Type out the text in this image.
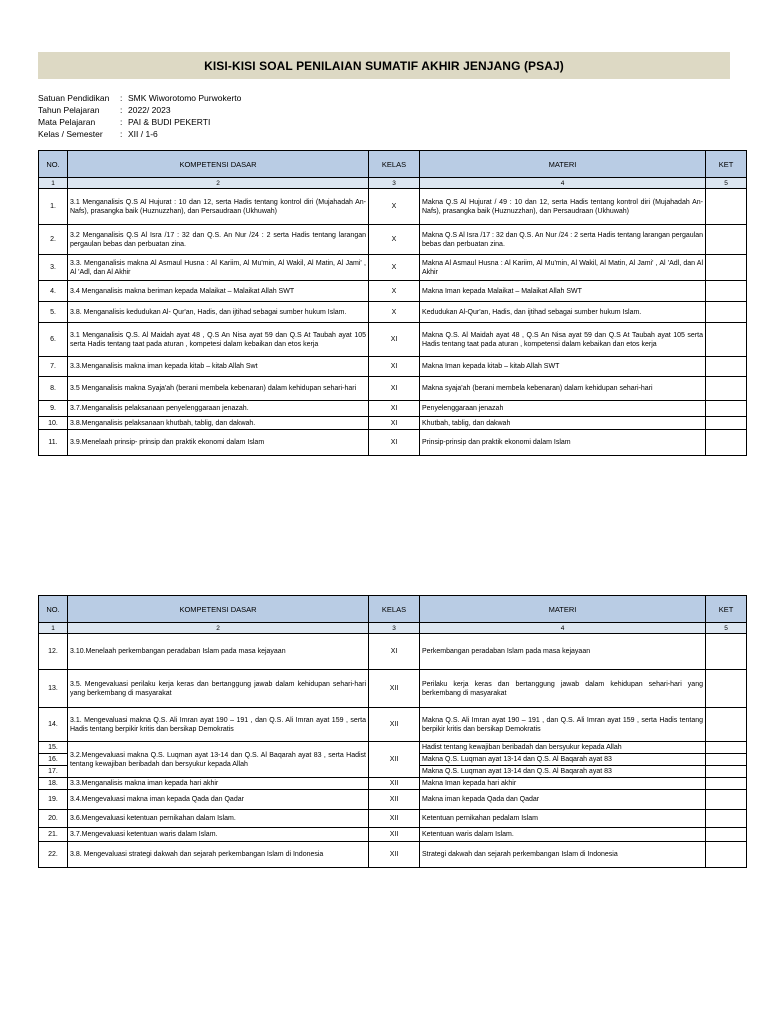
KISI-KISI SOAL PENILAIAN SUMATIF AKHIR JENJANG (PSAJ)
Satuan Pendidikan	: SMK Wiworotomo Purwokerto
Tahun Pelajaran	: 2022/ 2023
Mata Pelajaran	: PAI & BUDI PEKERTI
Kelas / Semester	: XII / 1-6
NO.	KOMPETENSI DASAR	KELAS	MATERI	KET
1	2	3	4	5
1.	3.1 Menganalisis Q.S Al Hujurat : 10 dan 12, serta Hadis tentang kontrol diri (Mujahadah An-Nafs), prasangka baik (Huznuzzhan), dan Persaudraan (Ukhuwah)	X	Makna Q.S Al Hujurat / 49 : 10 dan 12, serta Hadis tentang kontrol diri (Mujahadah An-Nafs), prasangka baik (Huznuzzhan), dan Persaudraan (Ukhuwah)	
2.	3.2 Menganalisis Q.S Al Isra /17 : 32 dan Q.S. An Nur /24 : 2 serta Hadis tentang larangan pergaulan bebas dan perbuatan zina.	X	Makna Q.S Al Isra /17 : 32 dan Q.S. An Nur /24 : 2 serta Hadis tentang larangan pergaulan bebas dan perbuatan zina.	
3.	3.3. Menganalisis makna Al Asmaul Husna : Al Kariim, Al Mu'min, Al Wakil, Al Matin, Al Jami' , Al 'Adl, dan Al Akhir	X	Makna Al Asmaul Husna : Al Kariim, Al Mu'min, Al Wakil, Al Matin, Al Jami' , Al 'Adl, dan Al Akhir	
4.	3.4 Menganalisis makna beriman kepada Malaikat – Malaikat Allah SWT	X	Makna Iman kepada Malaikat – Malaikat Allah SWT	
5.	3.8. Menganalisis kedudukan Al- Qur'an, Hadis, dan ijtihad sebagai sumber hukum Islam.	X	Kedudukan Al-Qur'an, Hadis, dan ijtihad sebagai sumber hukum Islam.	
6.	3.1 Menganalisis Q.S. Al Maidah ayat 48 , Q.S An Nisa ayat 59 dan Q.S At Taubah ayat 105 serta Hadis tentang taat pada aturan , kompetesi dalam kebaikan dan etos kerja	XI	Makna Q.S. Al Maidah ayat 48 , Q.S An Nisa ayat 59 dan Q.S At Taubah ayat 105 serta Hadis tentang taat pada aturan , kompetensi dalam kebaikan dan etos kerja	
7.	3.3.Menganalisis makna iman kepada kitab – kitab Allah Swt	XI	Makna Iman kepada kitab – kitab Allah SWT	
8.	3.5 Menganalisis makna Syaja'ah (berani membela kebenaran) dalam kehidupan sehari-hari	XI	Makna syaja'ah (berani membela kebenaran) dalam kehidupan sehari-hari	
9.	3.7.Menganalisis pelaksanaan penyelenggaraan jenazah.	XI	Penyelenggaraan jenazah	
10.	3.8.Menganalisis pelaksanaan khutbah, tablig, dan dakwah.	XI	Khutbah, tablig, dan dakwah	
11.	3.9.Menelaah prinsip- prinsip dan praktik ekonomi dalam Islam	XI	Prinsip-prinsip dan praktik ekonomi dalam Islam	
NO.	KOMPETENSI DASAR	KELAS	MATERI	KET
1	2	3	4	5
12.	3.10.Menelaah perkembangan peradaban Islam pada masa kejayaan	XI	Perkembangan peradaban Islam pada masa kejayaan	
13.	3.5. Mengevaluasi perilaku kerja keras dan bertanggung jawab dalam kehidupan sehari-hari yang berkembang di masyarakat	XII	Perilaku kerja keras dan bertanggung jawab dalam kehidupan sehari-hari yang berkembang di masyarakat	
14.	3.1. Mengevaluasi makna Q.S. Ali Imran ayat 190 – 191 , dan Q.S. Ali Imran ayat 159 , serta Hadis tentang berpikir kritis dan bersikap Demokratis	XII	Makna Q.S. Ali Imran ayat 190 – 191 , dan Q.S. Ali Imran ayat 159 , serta Hadis tentang berpikir kritis dan bersikap Demokratis	
15.	3.2.Mengevaluasi makna Q.S. Luqman ayat 13-14 dan Q.S. Al Baqarah ayat 83 , serta Hadist tentang kewajiban beribadah dan bersyukur kepada Allah	XII	Hadist tentang kewajiban beribadah dan bersyukur kepada Allah	
16.			Makna Q.S. Luqman ayat 13-14 dan Q.S. Al Baqarah ayat 83	
17.			Makna Q.S. Luqman ayat 13-14 dan Q.S. Al Baqarah ayat 83	
18.	3.3.Menganalisis makna iman kepada hari akhir	XII	Makna Iman kepada hari akhir	
19.	3.4.Mengevaluasi makna iman kepada Qada dan Qadar	XII	Makna iman kepada Qada dan Qadar	
20.	3.6.Mengevaluasi ketentuan pernikahan dalam Islam.	XII	Ketentuan pernikahan pedalam Islam	
21.	3.7.Mengevaluasi ketentuan waris dalam Islam.	XII	Ketentuan waris dalam Islam.	
22.	3.8. Mengevaluasi strategi dakwah dan sejarah perkembangan Islam di Indonesia	XII	Strategi dakwah dan sejarah perkembangan Islam di Indonesia	
